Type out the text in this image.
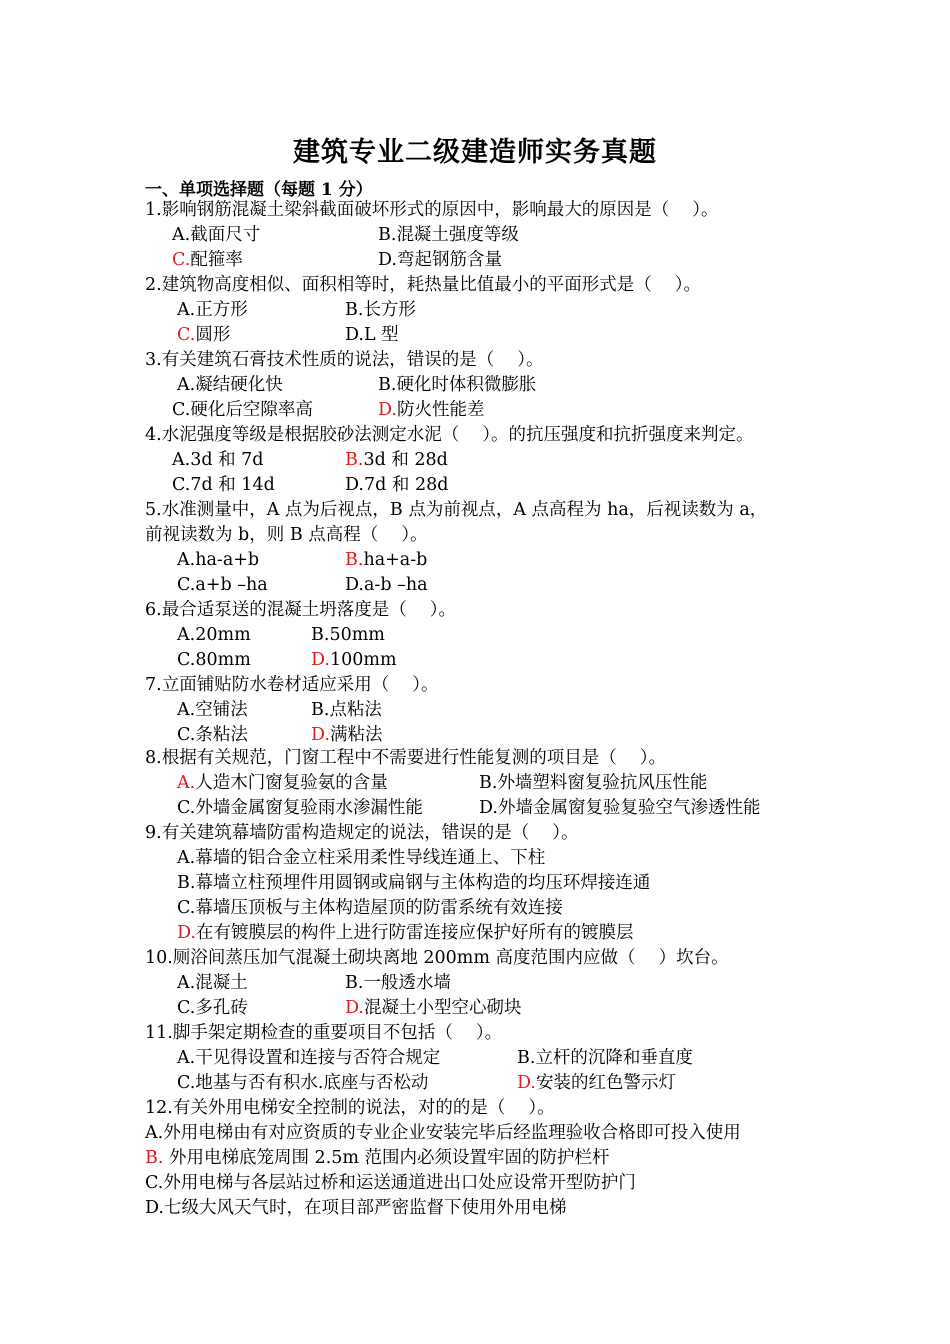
建筑专业二级建造师实务真题
一、单项选择题（每题 1 分）
1.影响钢筋混凝土梁斜截面破坏形式的原因中，影响最大的原因是（　 ）。
A.截面尺寸	B.混凝土强度等级
C.配箍率	D.弯起钢筋含量
2.建筑物高度相似、面积相等时，耗热量比值最小的平面形式是（　 ）。
A.正方形	B.长方形
C.圆形	D.L 型
3.有关建筑石膏技术性质的说法，错误的是（　 ）。
A.凝结硬化快	B.硬化时体积微膨胀
C.硬化后空隙率高	D.防火性能差
4.水泥强度等级是根据胶砂法测定水泥（　 ）。的抗压强度和抗折强度来判定。
A.3d 和 7d	B.3d 和 28d
C.7d 和 14d	D.7d 和 28d
5.水准测量中，A 点为后视点，B 点为前视点，A 点高程为 ha，后视读数为 a，
前视读数为 b，则 B 点高程（　 ）。
A.ha-a+b	B.ha+a-b
C.a+b –ha	D.a-b –ha
6.最合适泵送的混凝土坍落度是（　 ）。
A.20mm	B.50mm
C.80mm	D.100mm
7.立面铺贴防水卷材适应采用（　 ）。
A.空铺法	B.点粘法
C.条粘法	D.满粘法
8.根据有关规范，门窗工程中不需要进行性能复测的项目是（　 ）。
A.人造木门窗复验氨的含量	B.外墙塑料窗复验抗风压性能
C.外墙金属窗复验雨水渗漏性能	D.外墙金属窗复验复验空气渗透性能
9.有关建筑幕墙防雷构造规定的说法，错误的是（　 ）。
A.幕墙的铝合金立柱采用柔性导线连通上、下柱
B.幕墙立柱预埋件用圆钢或扁钢与主体构造的均压环焊接连通
C.幕墙压顶板与主体构造屋顶的防雷系统有效连接
D.在有镀膜层的构件上进行防雷连接应保护好所有的镀膜层
10.厕浴间蒸压加气混凝土砌块离地 200mm 高度范围内应做（　 ）坎台。
A.混凝土	B.一般透水墙
C.多孔砖	D.混凝土小型空心砌块
11.脚手架定期检查的重要项目不包括（　 ）。
A.干见得设置和连接与否符合规定	B.立杆的沉降和垂直度
C.地基与否有积水.底座与否松动	D.安装的红色警示灯
12.有关外用电梯安全控制的说法，对的的是（　 ）。
A.外用电梯由有对应资质的专业企业安装完毕后经监理验收合格即可投入使用
B. 外用电梯底笼周围 2.5m 范围内必须设置牢固的防护栏杆
C.外用电梯与各层站过桥和运送通道进出口处应设常开型防护门
D.七级大风天气时，在项目部严密监督下使用外用电梯
